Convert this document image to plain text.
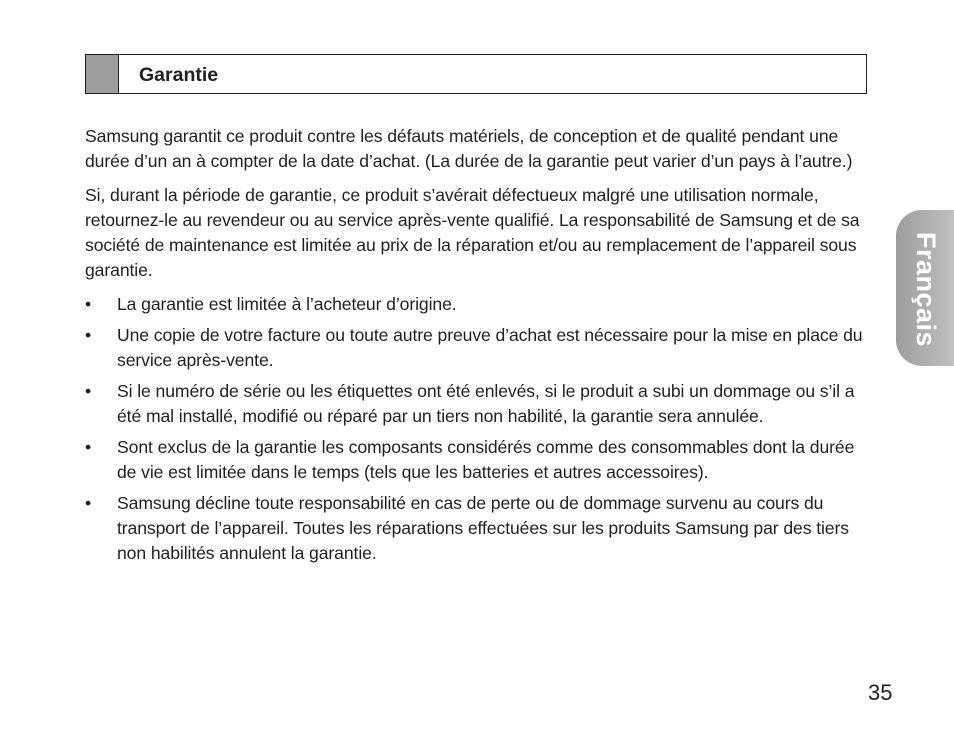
Garantie

Samsung garantit ce produit contre les défauts matériels, de conception et de qualité pendant une durée d’un an à compter de la date d’achat. (La durée de la garantie peut varier d’un pays à l’autre.)

Si, durant la période de garantie, ce produit s’avérait défectueux malgré une utilisation normale, retournez-le au revendeur ou au service après-vente qualifié. La responsabilité de Samsung et de sa société de maintenance est limitée au prix de la réparation et/ou au remplacement de l’appareil sous garantie.

• La garantie est limitée à l’acheteur d’origine.
• Une copie de votre facture ou toute autre preuve d’achat est nécessaire pour la mise en place du service après-vente.
• Si le numéro de série ou les étiquettes ont été enlevés, si le produit a subi un dommage ou s’il a été mal installé, modifié ou réparé par un tiers non habilité, la garantie sera annulée.
• Sont exclus de la garantie les composants considérés comme des consommables dont la durée de vie est limitée dans le temps (tels que les batteries et autres accessoires).
• Samsung décline toute responsabilité en cas de perte ou de dommage survenu au cours du transport de l’appareil. Toutes les réparations effectuées sur les produits Samsung par des tiers non habilités annulent la garantie.
Français
35
